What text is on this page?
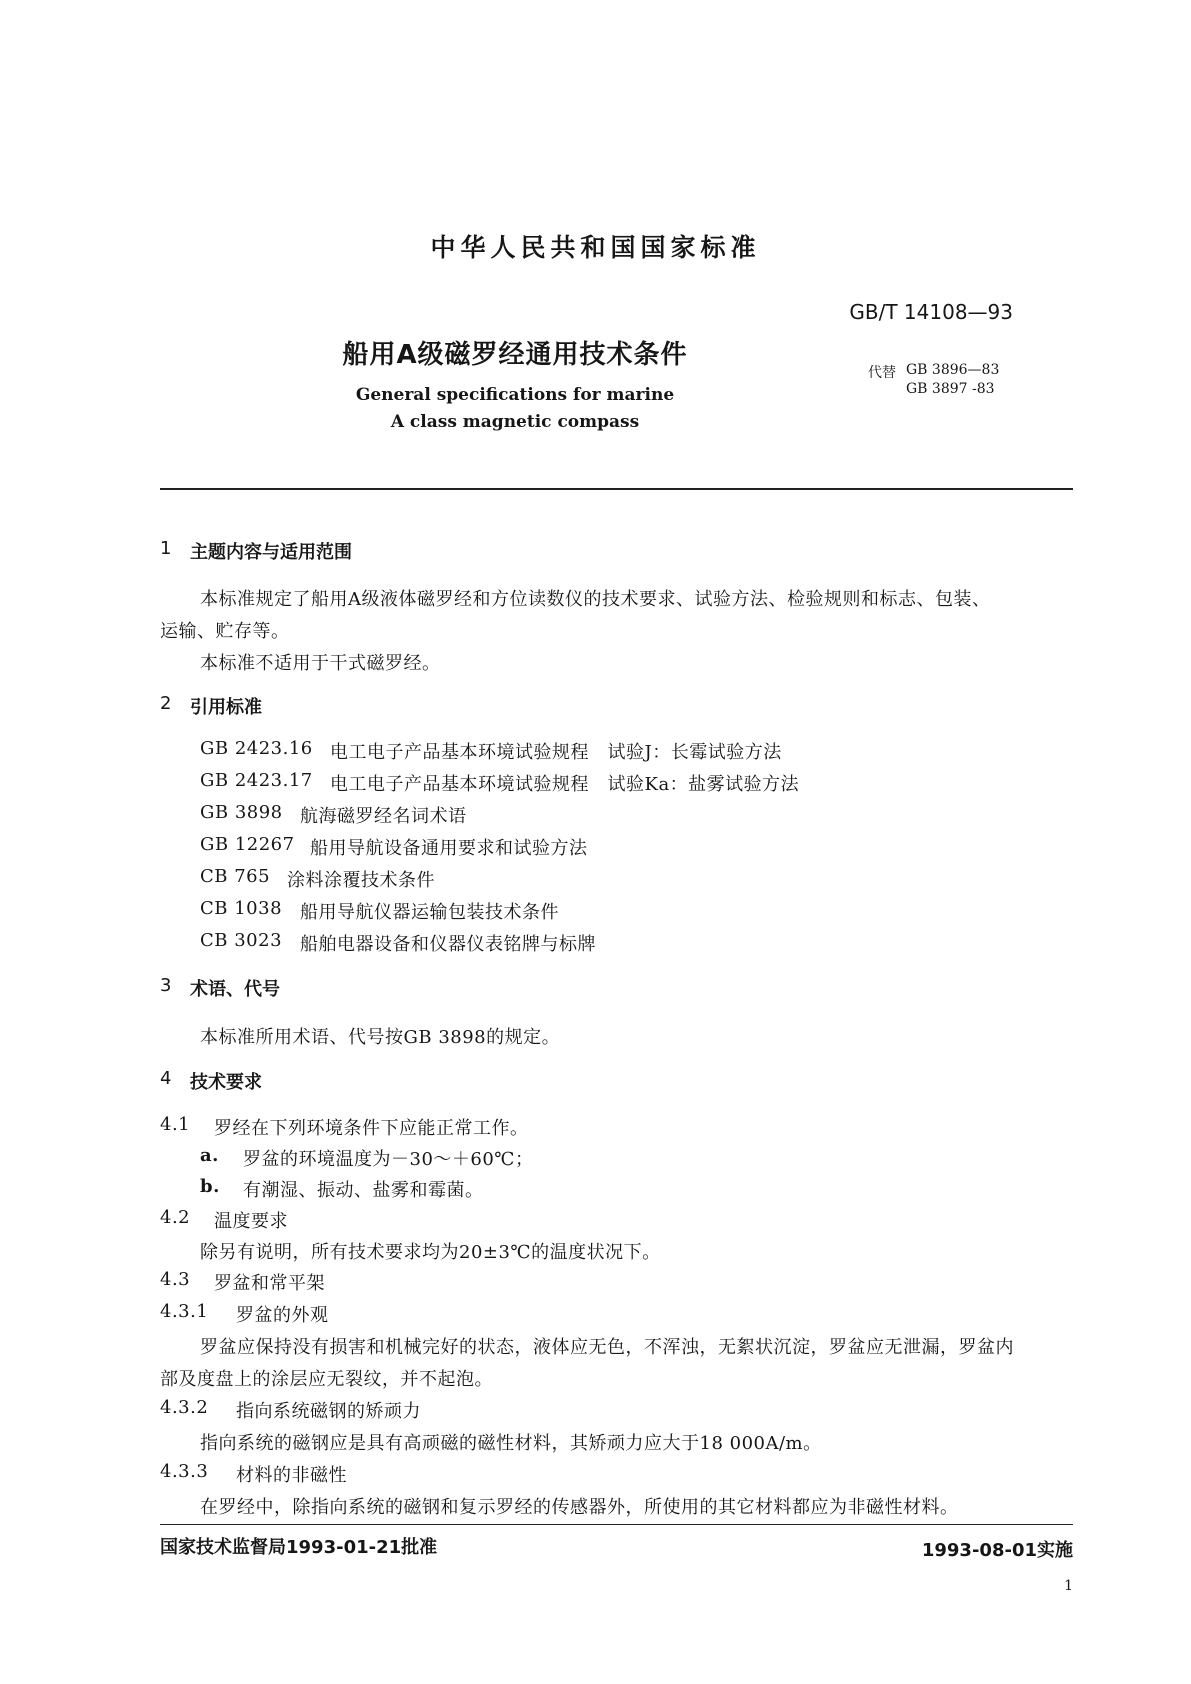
中华人民共和国国家标准
GB/T 14108—93
船用A级磁罗经通用技术条件
代替 GB 3896—83
GB 3897 -83
General specifications for marine
A class magnetic compass
1 主题内容与适用范围
本标准规定了船用A级液体磁罗经和方位读数仪的技术要求、试验方法、检验规则和标志、包装、
运输、贮存等。
本标准不适用于干式磁罗经。
2 引用标准
GB 2423.16 电工电子产品基本环境试验规程　试验J：长霉试验方法
GB 2423.17 电工电子产品基本环境试验规程　试验Ka：盐雾试验方法
GB 3898 航海磁罗经名词术语
GB 12267 船用导航设备通用要求和试验方法
CB 765 涂料涂覆技术条件
CB 1038 船用导航仪器运输包装技术条件
CB 3023 船舶电器设备和仪器仪表铭牌与标牌
3 术语、代号
本标准所用术语、代号按GB 3898的规定。
4 技术要求
4.1 罗经在下列环境条件下应能正常工作。
a. 罗盆的环境温度为－30～＋60℃；
b. 有潮湿、振动、盐雾和霉菌。
4.2 温度要求
除另有说明，所有技术要求均为20±3℃的温度状况下。
4.3 罗盆和常平架
4.3.1 罗盆的外观
罗盆应保持没有损害和机械完好的状态，液体应无色，不浑浊，无絮状沉淀，罗盆应无泄漏，罗盆内
部及度盘上的涂层应无裂纹，并不起泡。
4.3.2 指向系统磁钢的矫顽力
指向系统的磁钢应是具有高顽磁的磁性材料，其矫顽力应大于18 000A/m。
4.3.3 材料的非磁性
在罗经中，除指向系统的磁钢和复示罗经的传感器外，所使用的其它材料都应为非磁性材料。
国家技术监督局1993-01-21批准	1993-08-01实施
1
